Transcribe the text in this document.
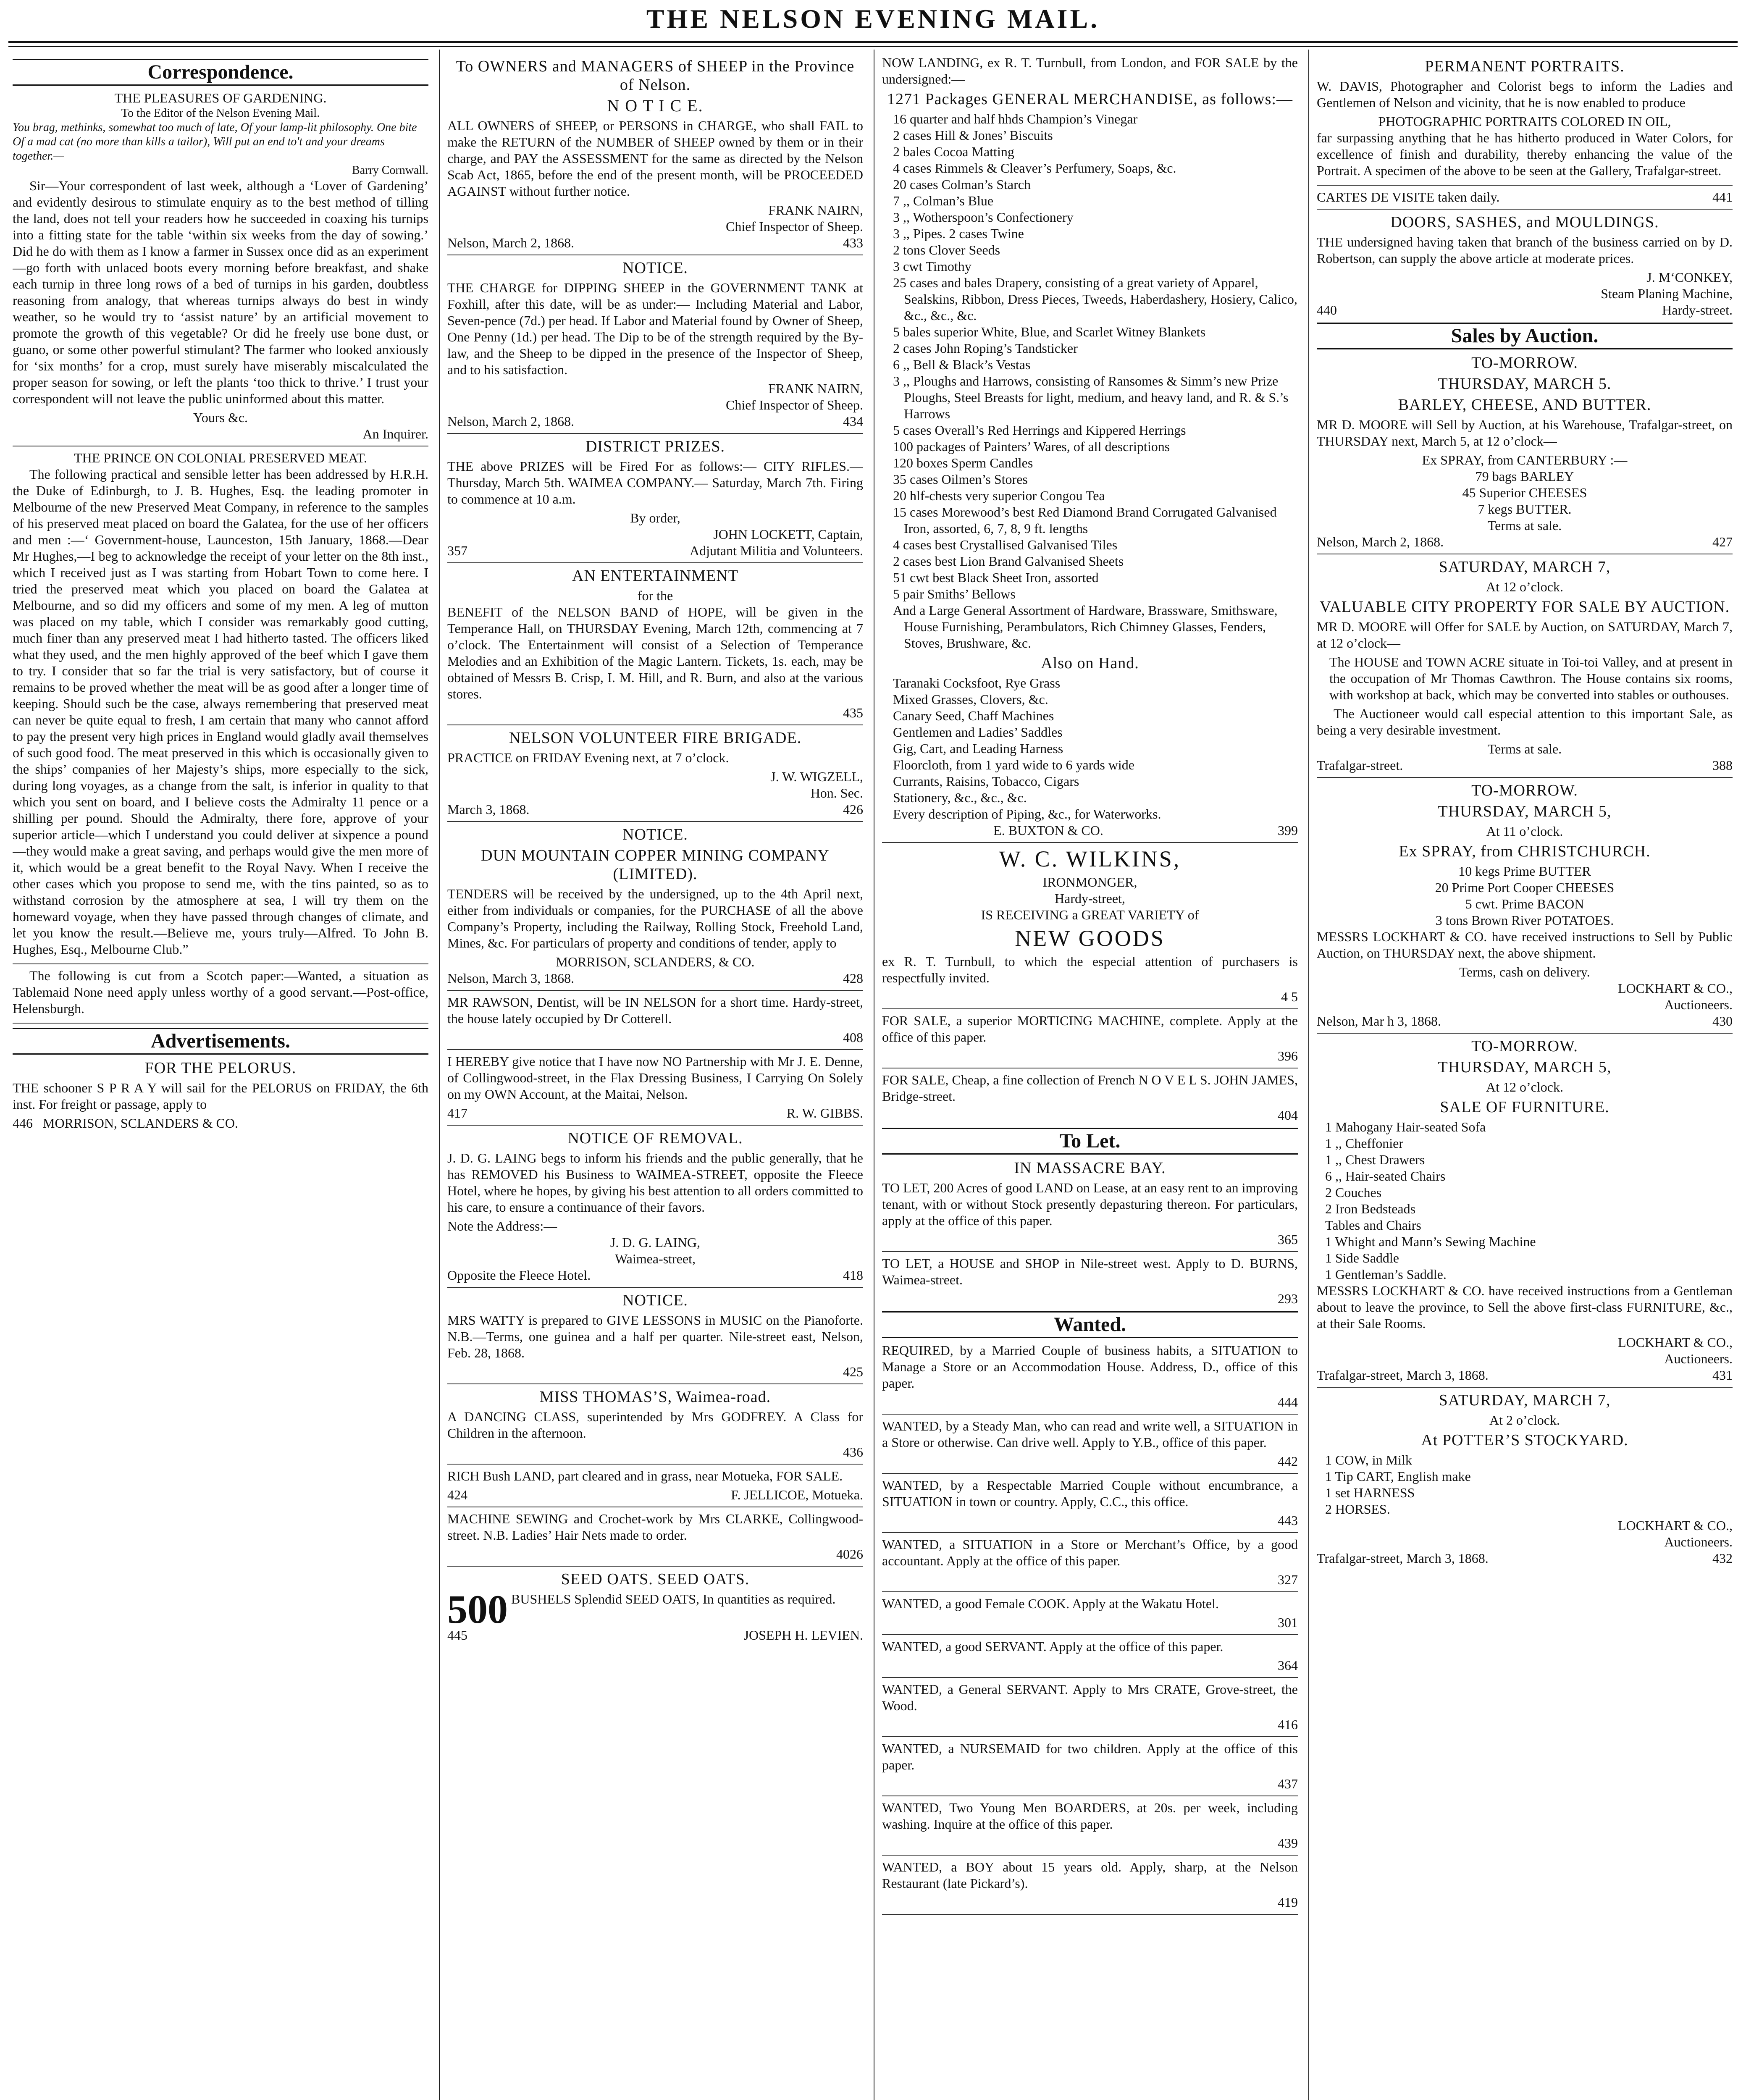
THE NELSON EVENING MAIL.
Correspondence.
THE PLEASURES OF GARDENING.
To the Editor of the Nelson Evening Mail.
You brag, methinks, somewhat too much of late, Of your lamp-lit philosophy. One bite Of a mad cat (no more than kills a tailor), Will put an end to't and your dreams together.—
Barry Cornwall.

Sir—Your correspondent of last week, although a ‘Lover of Gardening’ and evidently desirous to stimulate enquiry as to the best method of tilling the land, does not tell your readers how he succeeded in coaxing his turnips into a fitting state for the table ‘within six weeks from the day of sowing.’ Did he do with them as I know a farmer in Sussex once did as an experiment—go forth with unlaced boots every morning before breakfast, and shake each turnip in three long rows of a bed of turnips in his garden, doubtless reasoning from analogy, that whereas turnips always do best in windy weather, so he would try to ‘assist nature’ by an artificial movement to promote the growth of this vegetable? Or did he freely use bone dust, or guano, or some other powerful stimulant? The farmer who looked anxiously for ‘six months’ for a crop, must surely have miserably miscalculated the proper season for sowing, or left the plants ‘too thick to thrive.’ I trust your correspondent will not leave the public uninformed about this matter.

Yours &c.
An Inquirer.
THE PRINCE ON COLONIAL PRESERVED MEAT.

The following practical and sensible letter has been addressed by H.R.H. the Duke of Edinburgh, to J. B. Hughes, Esq. the leading promoter in Melbourne of the new Preserved Meat Company, in reference to the samples of his preserved meat placed on board the Galatea, for the use of her officers and men :—‘ Government-house, Launceston, 15th January, 1868.—Dear Mr Hughes,—I beg to acknowledge the receipt of your letter on the 8th inst., which I received just as I was starting from Hobart Town to come here. I tried the preserved meat which you placed on board the Galatea at Melbourne, and so did my officers and some of my men. A leg of mutton was placed on my table, which I consider was remarkably good cutting, much finer than any preserved meat I had hitherto tasted. The officers liked what they used, and the men highly approved of the beef which I gave them to try. I consider that so far the trial is very satisfactory, but of course it remains to be proved whether the meat will be as good after a longer time of keeping. Should such be the case, always remembering that preserved meat can never be quite equal to fresh, I am certain that many who cannot afford to pay the present very high prices in England would gladly avail themselves of such good food. The meat preserved in this which is occasionally given to the ships’ companies of her Majesty’s ships, more especially to the sick, during long voyages, as a change from the salt, is inferior in quality to that which you sent on board, and I believe costs the Admiralty 11 pence or a shilling per pound. Should the Admiralty, there fore, approve of your superior article—which I understand you could deliver at sixpence a pound—they would make a great saving, and perhaps would give the men more of it, which would be a great benefit to the Royal Navy. When I receive the other cases which you propose to send me, with the tins painted, so as to withstand corrosion by the atmosphere at sea, I will try them on the homeward voyage, when they have passed through changes of climate, and let you know the result.—Believe me, yours truly—Alfred. To John B. Hughes, Esq., Melbourne Club.”

The following is cut from a Scotch paper:—Wanted, a situation as Tablemaid None need apply unless worthy of a good servant.—Post-office, Helensburgh.

Advertisements.
FOR THE PELORUS.

THE schooner S P R A Y will sail for the PELORUS on FRIDAY, the 6th inst. For freight or passage, apply to

446 MORRISON, SCLANDERS & CO.
To OWNERS and MANAGERS of SHEEP in the Province of Nelson.
N O T I C E.

ALL OWNERS of SHEEP, or PERSONS in CHARGE, who shall FAIL to make the RETURN of the NUMBER of SHEEP owned by them or in their charge, and PAY the ASSESSMENT for the same as directed by the Nelson Scab Act, 1865, before the end of the present month, will be PROCEEDED AGAINST without further notice.

FRANK NAIRN,
Chief Inspector of Sheep.
Nelson, March 2, 1868.	433
NOTICE.

THE CHARGE for DIPPING SHEEP in the GOVERNMENT TANK at Foxhill, after this date, will be as under:— Including Material and Labor, Seven-pence (7d.) per head. If Labor and Material found by Owner of Sheep, One Penny (1d.) per head. The Dip to be of the strength required by the By-law, and the Sheep to be dipped in the presence of the Inspector of Sheep, and to his satisfaction.

FRANK NAIRN,
Chief Inspector of Sheep.
Nelson, March 2, 1868.	434
DISTRICT PRIZES.

THE above PRIZES will be Fired For as follows:— CITY RIFLES.—Thursday, March 5th. WAIMEA COMPANY.— Saturday, March 7th. Firing to commence at 10 a.m.

By order,
JOHN LOCKETT, Captain,
357	Adjutant Militia and Volunteers.
AN ENTERTAINMENT
for the

BENEFIT of the NELSON BAND of HOPE, will be given in the Temperance Hall, on THURSDAY Evening, March 12th, commencing at 7 o’clock. The Entertainment will consist of a Selection of Temperance Melodies and an Exhibition of the Magic Lantern. Tickets, 1s. each, may be obtained of Messrs B. Crisp, I. M. Hill, and R. Burn, and also at the various stores.

435
NELSON VOLUNTEER FIRE BRIGADE.

PRACTICE on FRIDAY Evening next, at 7 o’clock.

J. W. WIGZELL,
Hon. Sec.
March 3, 1868.	426
NOTICE.
DUN MOUNTAIN COPPER MINING COMPANY (LIMITED).

TENDERS will be received by the undersigned, up to the 4th April next, either from individuals or companies, for the PURCHASE of all the above Company’s Property, including the Railway, Rolling Stock, Freehold Land, Mines, &c. For particulars of property and conditions of tender, apply to

MORRISON, SCLANDERS, & CO.
Nelson, March 3, 1868.	428

MR RAWSON, Dentist, will be IN NELSON for a short time. Hardy-street, the house lately occupied by Dr Cotterell.

408

I HEREBY give notice that I have now NO Partnership with Mr J. E. Denne, of Collingwood-street, in the Flax Dressing Business, I Carrying On Solely on my OWN Account, at the Maitai, Nelson.

417	R. W. GIBBS.
NOTICE OF REMOVAL.

J. D. G. LAING begs to inform his friends and the public generally, that he has REMOVED his Business to WAIMEA-STREET, opposite the Fleece Hotel, where he hopes, by giving his best attention to all orders committed to his care, to ensure a continuance of their favors.

Note the Address:—
J. D. G. LAING,
Waimea-street,
Opposite the Fleece Hotel.	418
NOTICE.

MRS WATTY is prepared to GIVE LESSONS in MUSIC on the Pianoforte. N.B.—Terms, one guinea and a half per quarter. Nile-street east, Nelson, Feb. 28, 1868.

425
MISS THOMAS’S, Waimea-road.

A DANCING CLASS, superintended by Mrs GODFREY. A Class for Children in the afternoon.

436

RICH Bush LAND, part cleared and in grass, near Motueka, FOR SALE.

424	F. JELLICOE, Motueka.

MACHINE SEWING and Crochet-work by Mrs CLARKE, Collingwood-street. N.B. Ladies’ Hair Nets made to order.

4026
SEED OATS. SEED OATS.
500 BUSHELS Splendid SEED OATS, In quantities as required.
445	JOSEPH H. LEVIEN.

NOW LANDING, ex R. T. Turnbull, from London, and FOR SALE by the undersigned:—

1271 Packages GENERAL MERCHANDISE, as follows:—
16 quarter and half hhds Champion’s Vinegar
2 cases Hill & Jones’ Biscuits
2 bales Cocoa Matting
4 cases Rimmels & Cleaver’s Perfumery, Soaps, &c.
20 cases Colman’s Starch
7 ,, Colman’s Blue
3 ,, Wotherspoon’s Confectionery
3 ,, Pipes. 2 cases Twine
2 tons Clover Seeds
3 cwt Timothy
25 cases and bales Drapery, consisting of a great variety of Apparel, Sealskins, Ribbon, Dress Pieces, Tweeds, Haberdashery, Hosiery, Calico, &c., &c., &c.
5 bales superior White, Blue, and Scarlet Witney Blankets
2 cases John Roping’s Tandsticker
6 ,, Bell & Black’s Vestas
3 ,, Ploughs and Harrows, consisting of Ransomes & Simm’s new Prize Ploughs, Steel Breasts for light, medium, and heavy land, and R. & S.’s Harrows
5 cases Overall’s Red Herrings and Kippered Herrings
100 packages of Painters’ Wares, of all descriptions
120 boxes Sperm Candles
35 cases Oilmen’s Stores
20 hlf-chests very superior Congou Tea
15 cases Morewood’s best Red Diamond Brand Corrugated Galvanised Iron, assorted, 6, 7, 8, 9 ft. lengths
4 cases best Crystallised Galvanised Tiles
2 cases best Lion Brand Galvanised Sheets
51 cwt best Black Sheet Iron, assorted
5 pair Smiths’ Bellows
And a Large General Assortment of Hardware, Brassware, Smithsware, House Furnishing, Perambulators, Rich Chimney Glasses, Fenders, Stoves, Brushware, &c.
Also on Hand.
Taranaki Cocksfoot, Rye Grass
Mixed Grasses, Clovers, &c.
Canary Seed, Chaff Machines
Gentlemen and Ladies’ Saddles
Gig, Cart, and Leading Harness
Floorcloth, from 1 yard wide to 6 yards wide
Currants, Raisins, Tobacco, Cigars
Stationery, &c., &c., &c.
Every description of Piping, &c., for Waterworks.
E. BUXTON & CO.	399
W. C. WILKINS,
IRONMONGER,
Hardy-street,
IS RECEIVING a GREAT VARIETY of
NEW GOODS

ex R. T. Turnbull, to which the especial attention of purchasers is respectfully invited.

4 5

FOR SALE, a superior MORTICING MACHINE, complete. Apply at the office of this paper.

396

FOR SALE, Cheap, a fine collection of French N O V E L S. JOHN JAMES, Bridge-street.

404
To Let.
IN MASSACRE BAY.

TO LET, 200 Acres of good LAND on Lease, at an easy rent to an improving tenant, with or without Stock presently depasturing thereon. For particulars, apply at the office of this paper.

365

TO LET, a HOUSE and SHOP in Nile-street west. Apply to D. BURNS, Waimea-street.

293
Wanted.

REQUIRED, by a Married Couple of business habits, a SITUATION to Manage a Store or an Accommodation House. Address, D., office of this paper.

444

WANTED, by a Steady Man, who can read and write well, a SITUATION in a Store or otherwise. Can drive well. Apply to Y.B., office of this paper.

442

WANTED, by a Respectable Married Couple without encumbrance, a SITUATION in town or country. Apply, C.C., this office.

443

WANTED, a SITUATION in a Store or Merchant’s Office, by a good accountant. Apply at the office of this paper.

327

WANTED, a good Female COOK. Apply at the Wakatu Hotel.

301

WANTED, a good SERVANT. Apply at the office of this paper.

364

WANTED, a General SERVANT. Apply to Mrs CRATE, Grove-street, the Wood.

416

WANTED, a NURSEMAID for two children. Apply at the office of this paper.

437

WANTED, Two Young Men BOARDERS, at 20s. per week, including washing. Inquire at the office of this paper.

439

WANTED, a BOY about 15 years old. Apply, sharp, at the Nelson Restaurant (late Pickard’s).

419
PERMANENT PORTRAITS.

W. DAVIS, Photographer and Colorist begs to inform the Ladies and Gentlemen of Nelson and vicinity, that he is now enabled to produce

PHOTOGRAPHIC PORTRAITS COLORED IN OIL,

far surpassing anything that he has hitherto produced in Water Colors, for excellence of finish and durability, thereby enhancing the value of the Portrait. A specimen of the above to be seen at the Gallery, Trafalgar-street.

CARTES DE VISITE taken daily.	441
DOORS, SASHES, and MOULDINGS.

THE undersigned having taken that branch of the business carried on by D. Robertson, can supply the above article at moderate prices.

J. M‘CONKEY,
Steam Planing Machine,
440	Hardy-street.
Sales by Auction.
TO-MORROW.
THURSDAY, MARCH 5.
BARLEY, CHEESE, AND BUTTER.

MR D. MOORE will Sell by Auction, at his Warehouse, Trafalgar-street, on THURSDAY next, March 5, at 12 o’clock—

Ex SPRAY, from CANTERBURY :—
79 bags BARLEY
45 Superior CHEESES
7 kegs BUTTER.
Terms at sale.
Nelson, March 2, 1868.	427
SATURDAY, MARCH 7,
At 12 o’clock.
VALUABLE CITY PROPERTY FOR SALE BY AUCTION.

MR D. MOORE will Offer for SALE by Auction, on SATURDAY, March 7, at 12 o’clock—

The HOUSE and TOWN ACRE situate in Toi-toi Valley, and at present in the occupation of Mr Thomas Cawthron. The House contains six rooms, with workshop at back, which may be converted into stables or outhouses.

The Auctioneer would call especial attention to this important Sale, as being a very desirable investment.

Terms at sale.
Trafalgar-street.	388
TO-MORROW.
THURSDAY, MARCH 5,
At 11 o’clock.
Ex SPRAY, from CHRISTCHURCH.
10 kegs Prime BUTTER
20 Prime Port Cooper CHEESES
5 cwt. Prime BACON
3 tons Brown River POTATOES.

MESSRS LOCKHART & CO. have received instructions to Sell by Public Auction, on THURSDAY next, the above shipment.

Terms, cash on delivery.
LOCKHART & CO.,
Auctioneers.
Nelson, Mar h 3, 1868.	430
TO-MORROW.
THURSDAY, MARCH 5,
At 12 o’clock.
SALE OF FURNITURE.
1 Mahogany Hair-seated Sofa
1 ,, Cheffonier
1 ,, Chest Drawers
6 ,, Hair-seated Chairs
2 Couches
2 Iron Bedsteads
Tables and Chairs
1 Whight and Mann’s Sewing Machine
1 Side Saddle
1 Gentleman’s Saddle.

MESSRS LOCKHART & CO. have received instructions from a Gentleman about to leave the province, to Sell the above first-class FURNITURE, &c., at their Sale Rooms.

LOCKHART & CO.,
Auctioneers.
Trafalgar-street, March 3, 1868.	431
SATURDAY, MARCH 7,
At 2 o’clock.
At POTTER’S STOCKYARD.
1 COW, in Milk
1 Tip CART, English make
1 set HARNESS
2 HORSES.
LOCKHART & CO.,
Auctioneers.
Trafalgar-street, March 3, 1868.	432
